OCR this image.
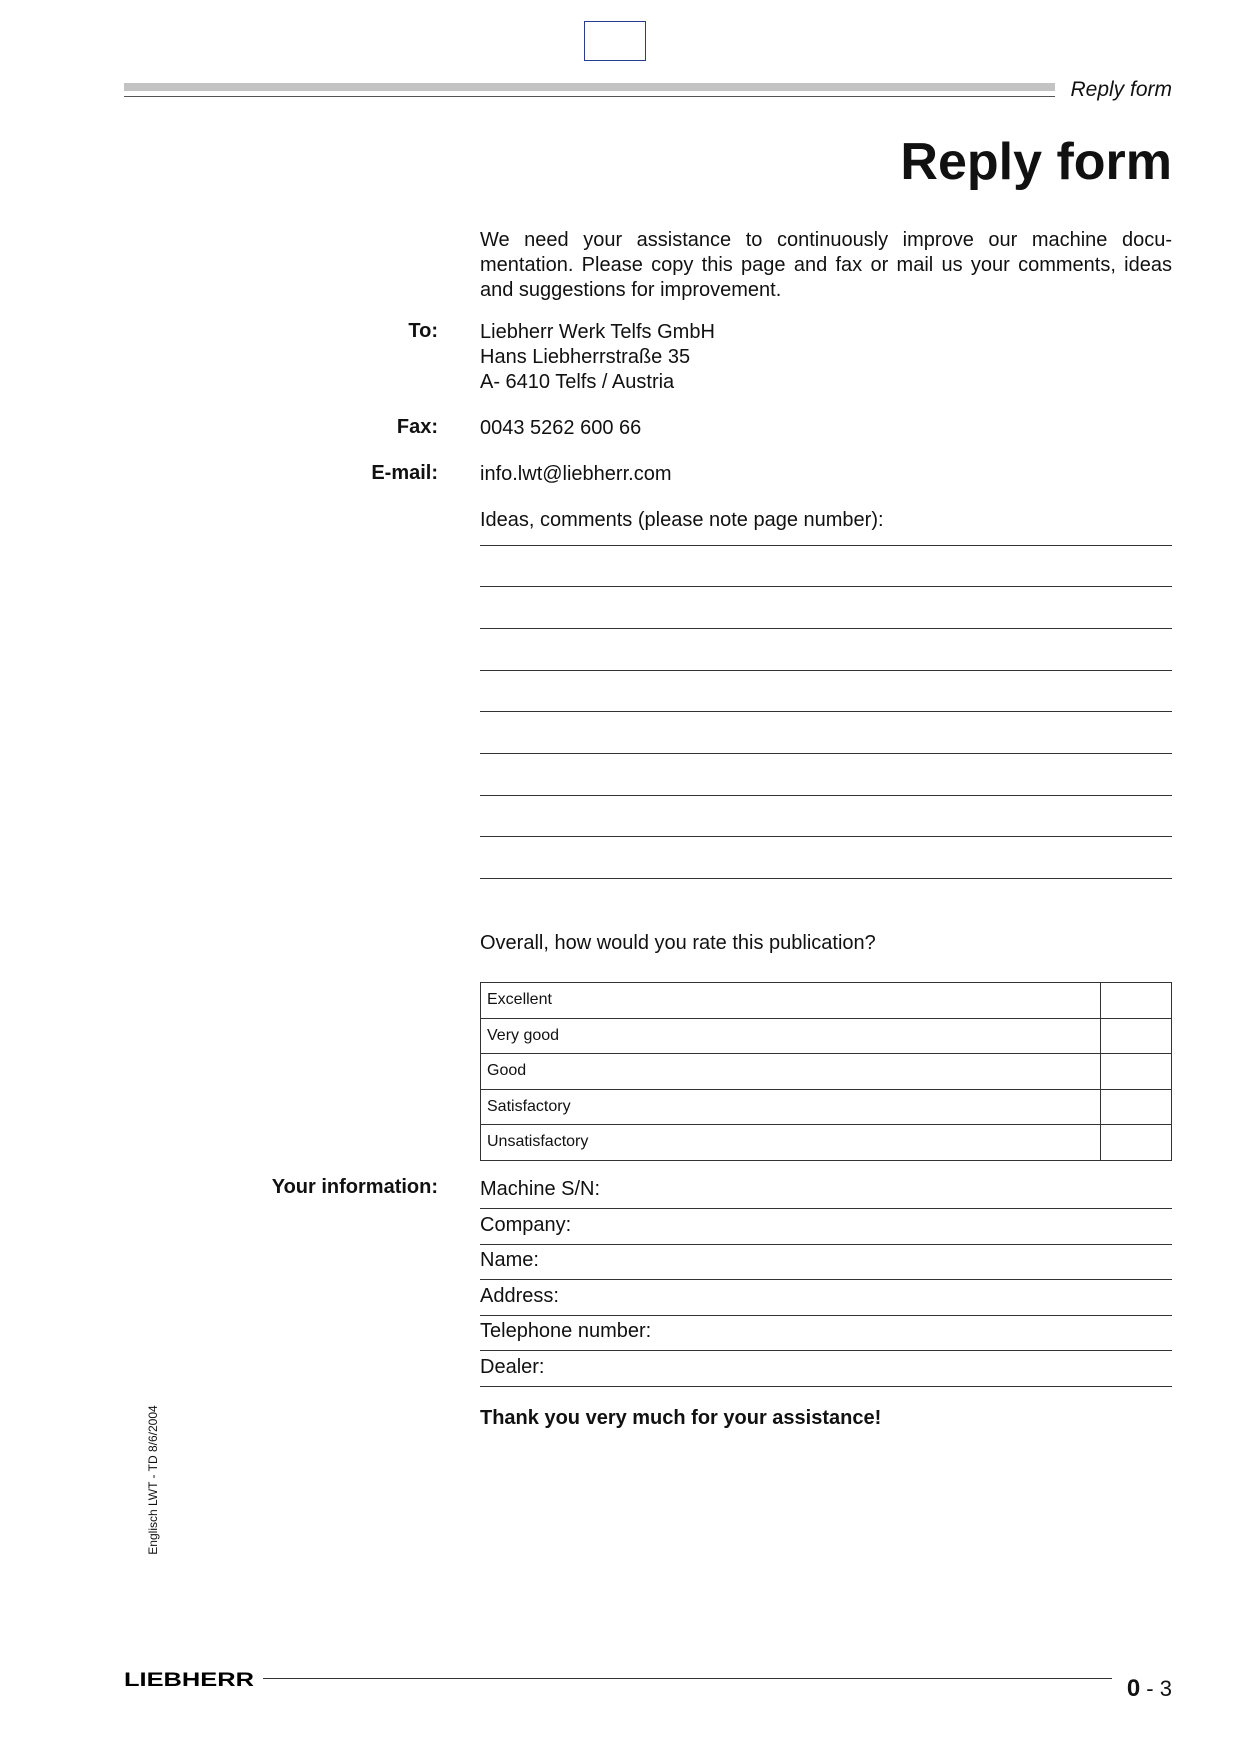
Reply form
Reply form
We need your assistance to continuously improve our machine docu-mentation. Please copy this page and fax or mail us your comments, ideas and suggestions for improvement.
To: Liebherr Werk Telfs GmbH
Hans Liebherrstraße 35
A- 6410 Telfs / Austria
Fax: 0043 5262 600 66
E-mail: info.lwt@liebherr.com
Ideas, comments (please note page number):
Overall, how would you rate this publication?
Excellent	
Very good	
Good	
Satisfactory	
Unsatisfactory	
Your information: Machine S/N:
Company:
Name:
Address:
Telephone number:
Dealer:
Thank you very much for your assistance!
Englisch LWT - TD 8/6/2004
LIEBHERR	0 - 3
